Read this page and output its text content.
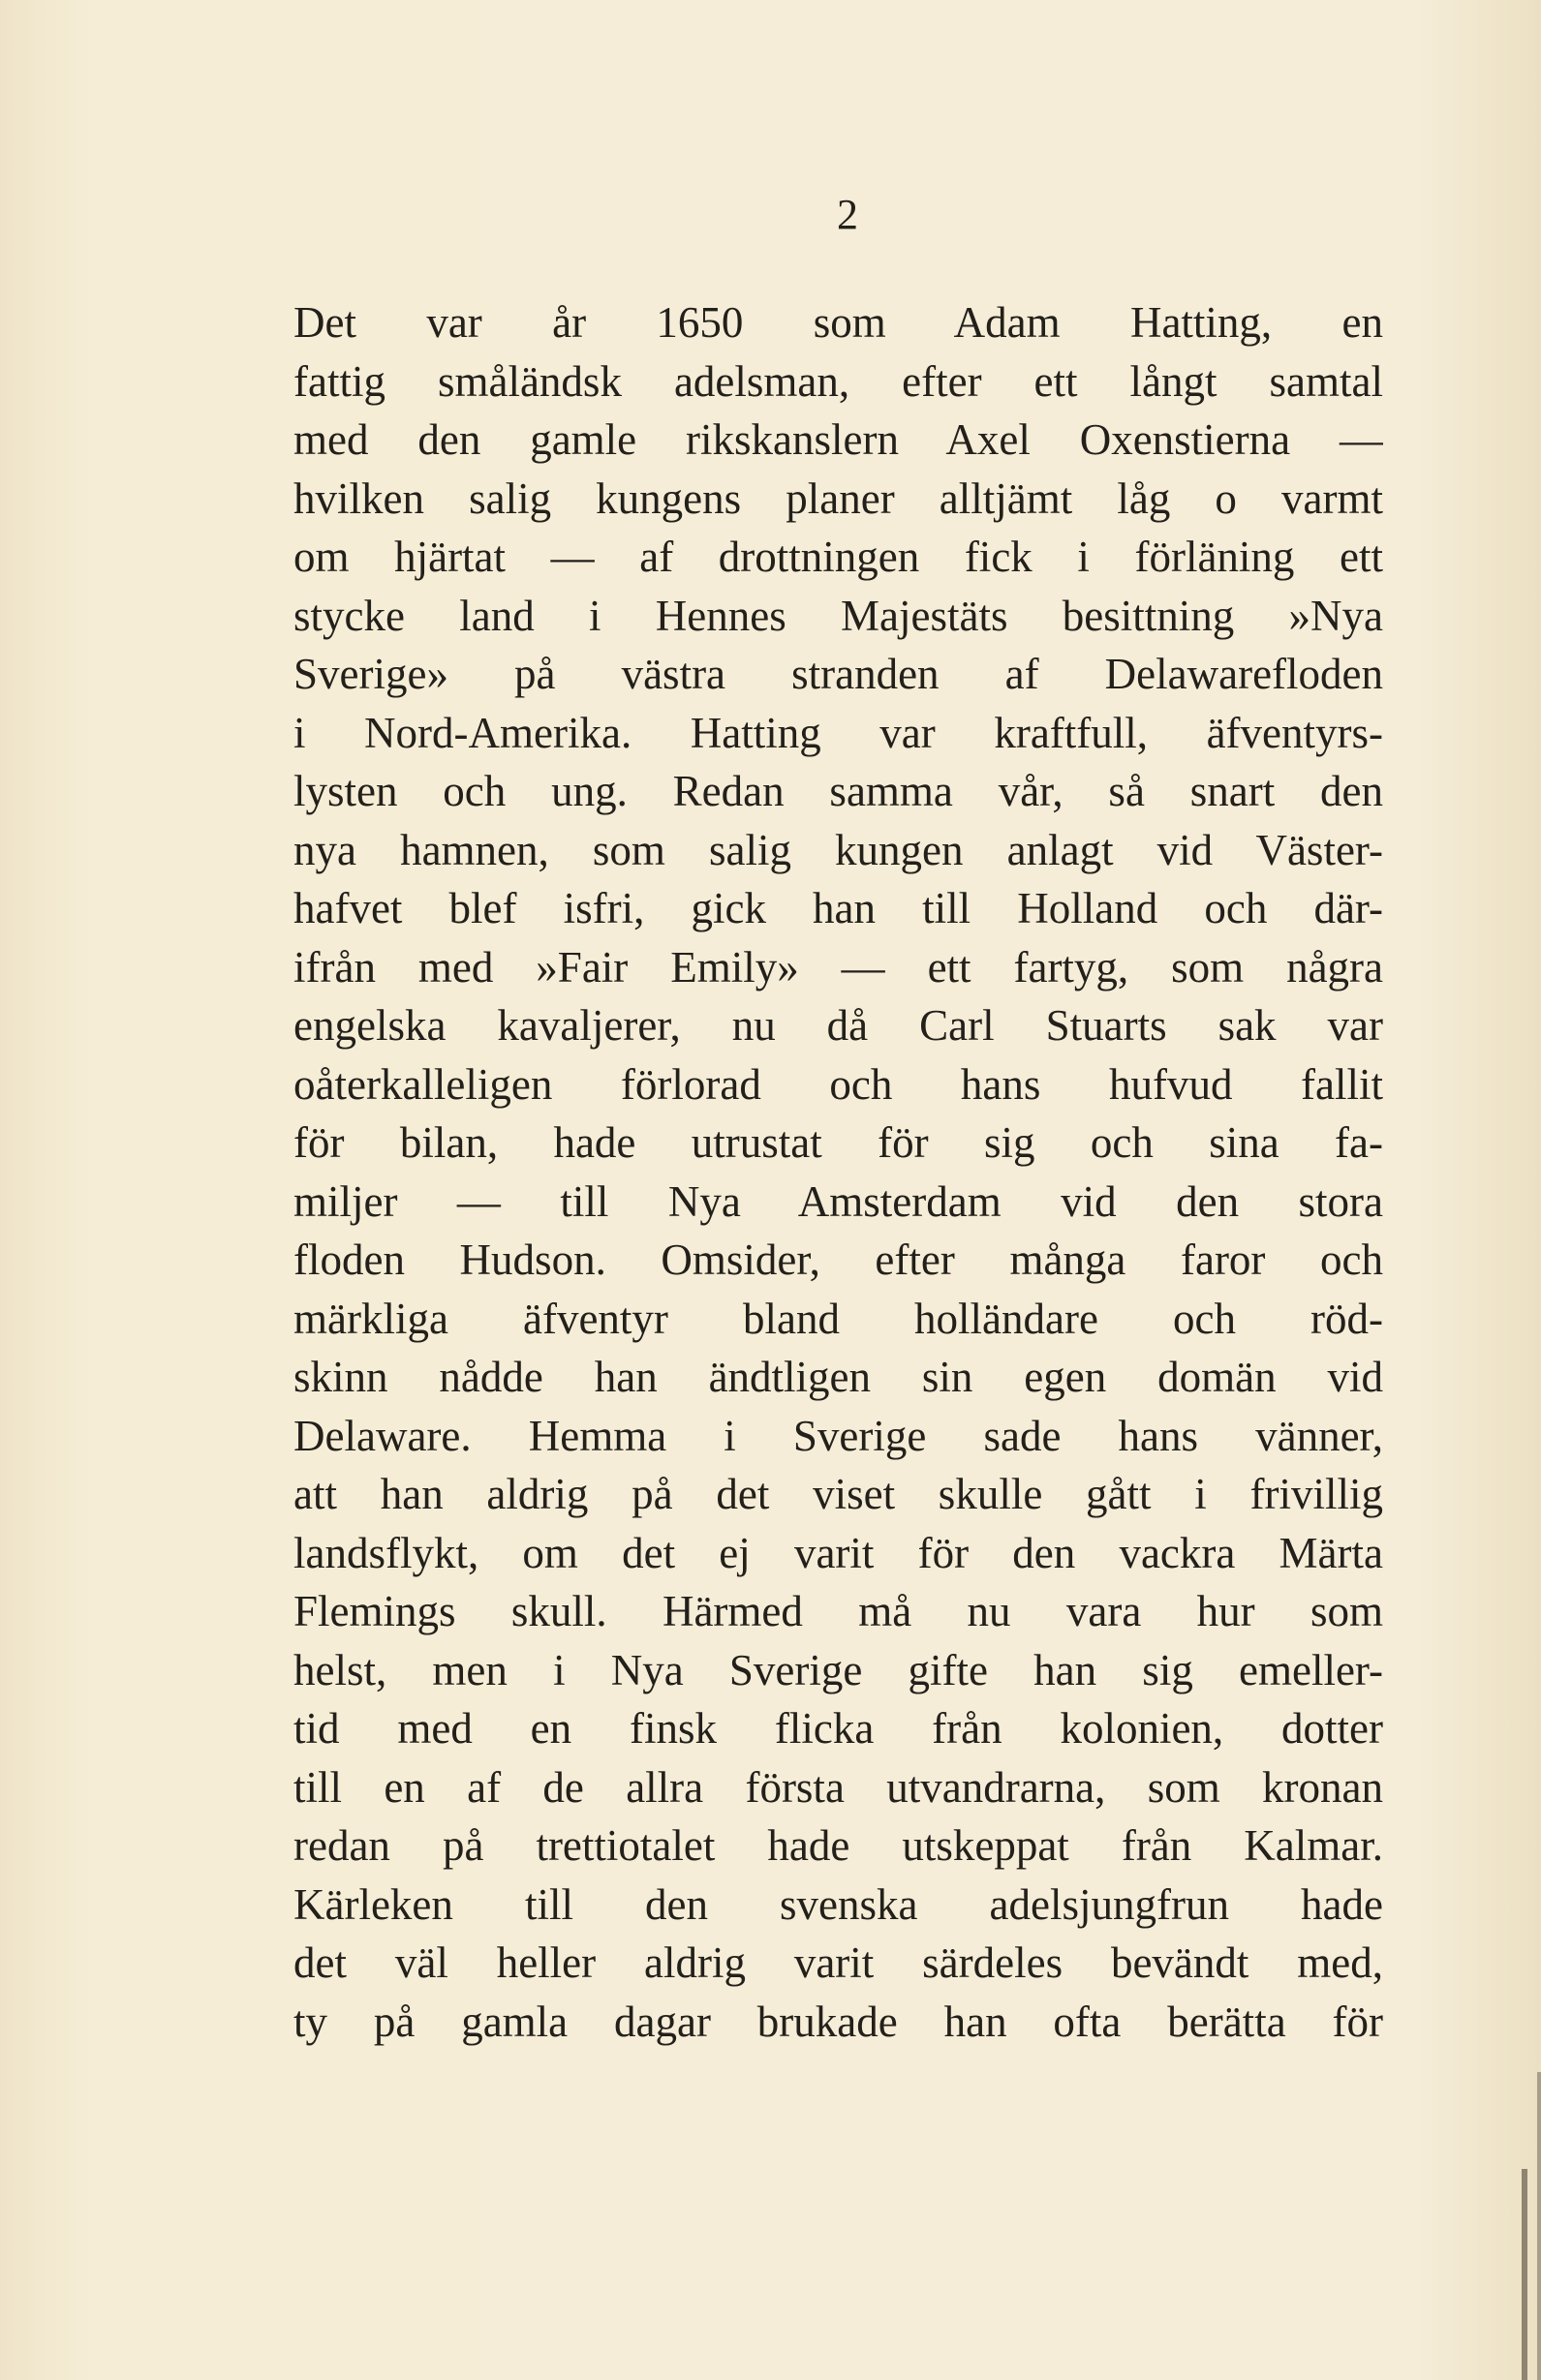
2
Det var år 1650 som Adam Hatting, en
fattig småländsk adelsman, efter ett långt samtal
med den gamle rikskanslern Axel Oxenstierna —
hvilken salig kungens planer alltjämt låg o varmt
om hjärtat — af drottningen fick i förläning ett
stycke land i Hennes Majestäts besittning »Nya
Sverige» på västra stranden af Delawarefloden
i Nord-Amerika. Hatting var kraftfull, äfventyrs-
lysten och ung. Redan samma vår, så snart den
nya hamnen, som salig kungen anlagt vid Väster-
hafvet blef isfri, gick han till Holland och där-
ifrån med »Fair Emily» — ett fartyg, som några
engelska kavaljerer, nu då Carl Stuarts sak var
oåterkalleligen förlorad och hans hufvud fallit
för bilan, hade utrustat för sig och sina fa-
miljer — till Nya Amsterdam vid den stora
floden Hudson. Omsider, efter många faror och
märkliga äfventyr bland holländare och röd-
skinn nådde han ändtligen sin egen domän vid
Delaware. Hemma i Sverige sade hans vänner,
att han aldrig på det viset skulle gått i frivillig
landsflykt, om det ej varit för den vackra Märta
Flemings skull. Härmed må nu vara hur som
helst, men i Nya Sverige gifte han sig emeller-
tid med en finsk flicka från kolonien, dotter
till en af de allra första utvandrarna, som kronan
redan på trettiotalet hade utskeppat från Kalmar.
Kärleken till den svenska adelsjungfrun hade
det väl heller aldrig varit särdeles bevändt med,
ty på gamla dagar brukade han ofta berätta för
